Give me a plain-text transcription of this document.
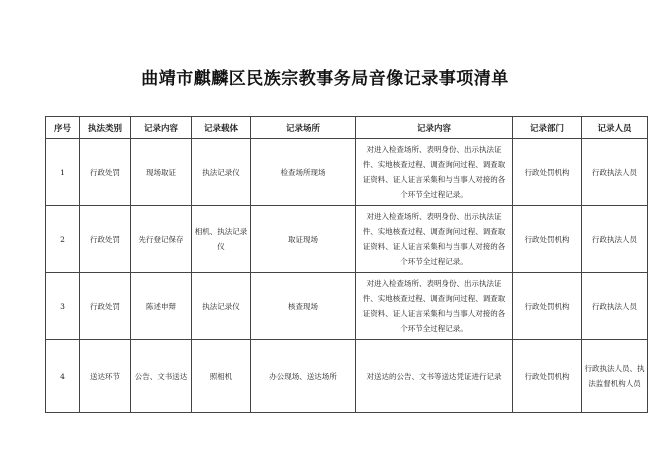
曲靖市麒麟区民族宗教事务局音像记录事项清单
序号	执法类别	记录内容	记录载体	记录场所	记录内容	记录部门	记录人员
1	行政处罚	现场取证	执法记录仪	检查场所现场	对进入检查场所、表明身份、出示执法证件、实地核查过程、调查询问过程、调查取证资料、证人证言采集和与当事人对接的各个环节全过程记录。	行政处罚机构	行政执法人员
2	行政处罚	先行登记保存	相机、执法记录仪	取证现场	对进入检查场所、表明身份、出示执法证件、实地核查过程、调查询问过程、调查取证资料、证人证言采集和与当事人对接的各个环节全过程记录。	行政处罚机构	行政执法人员
3	行政处罚	陈述申辩	执法记录仪	核查现场	对进入检查场所、表明身份、出示执法证件、实地核查过程、调查询问过程、调查取证资料、证人证言采集和与当事人对接的各个环节全过程记录。	行政处罚机构	行政执法人员
4	送达环节	公告、文书送达	照相机	办公现场、送达场所	对送达的公告、文书等送达凭证进行记录	行政处罚机构	行政执法人员、执法监督机构人员
